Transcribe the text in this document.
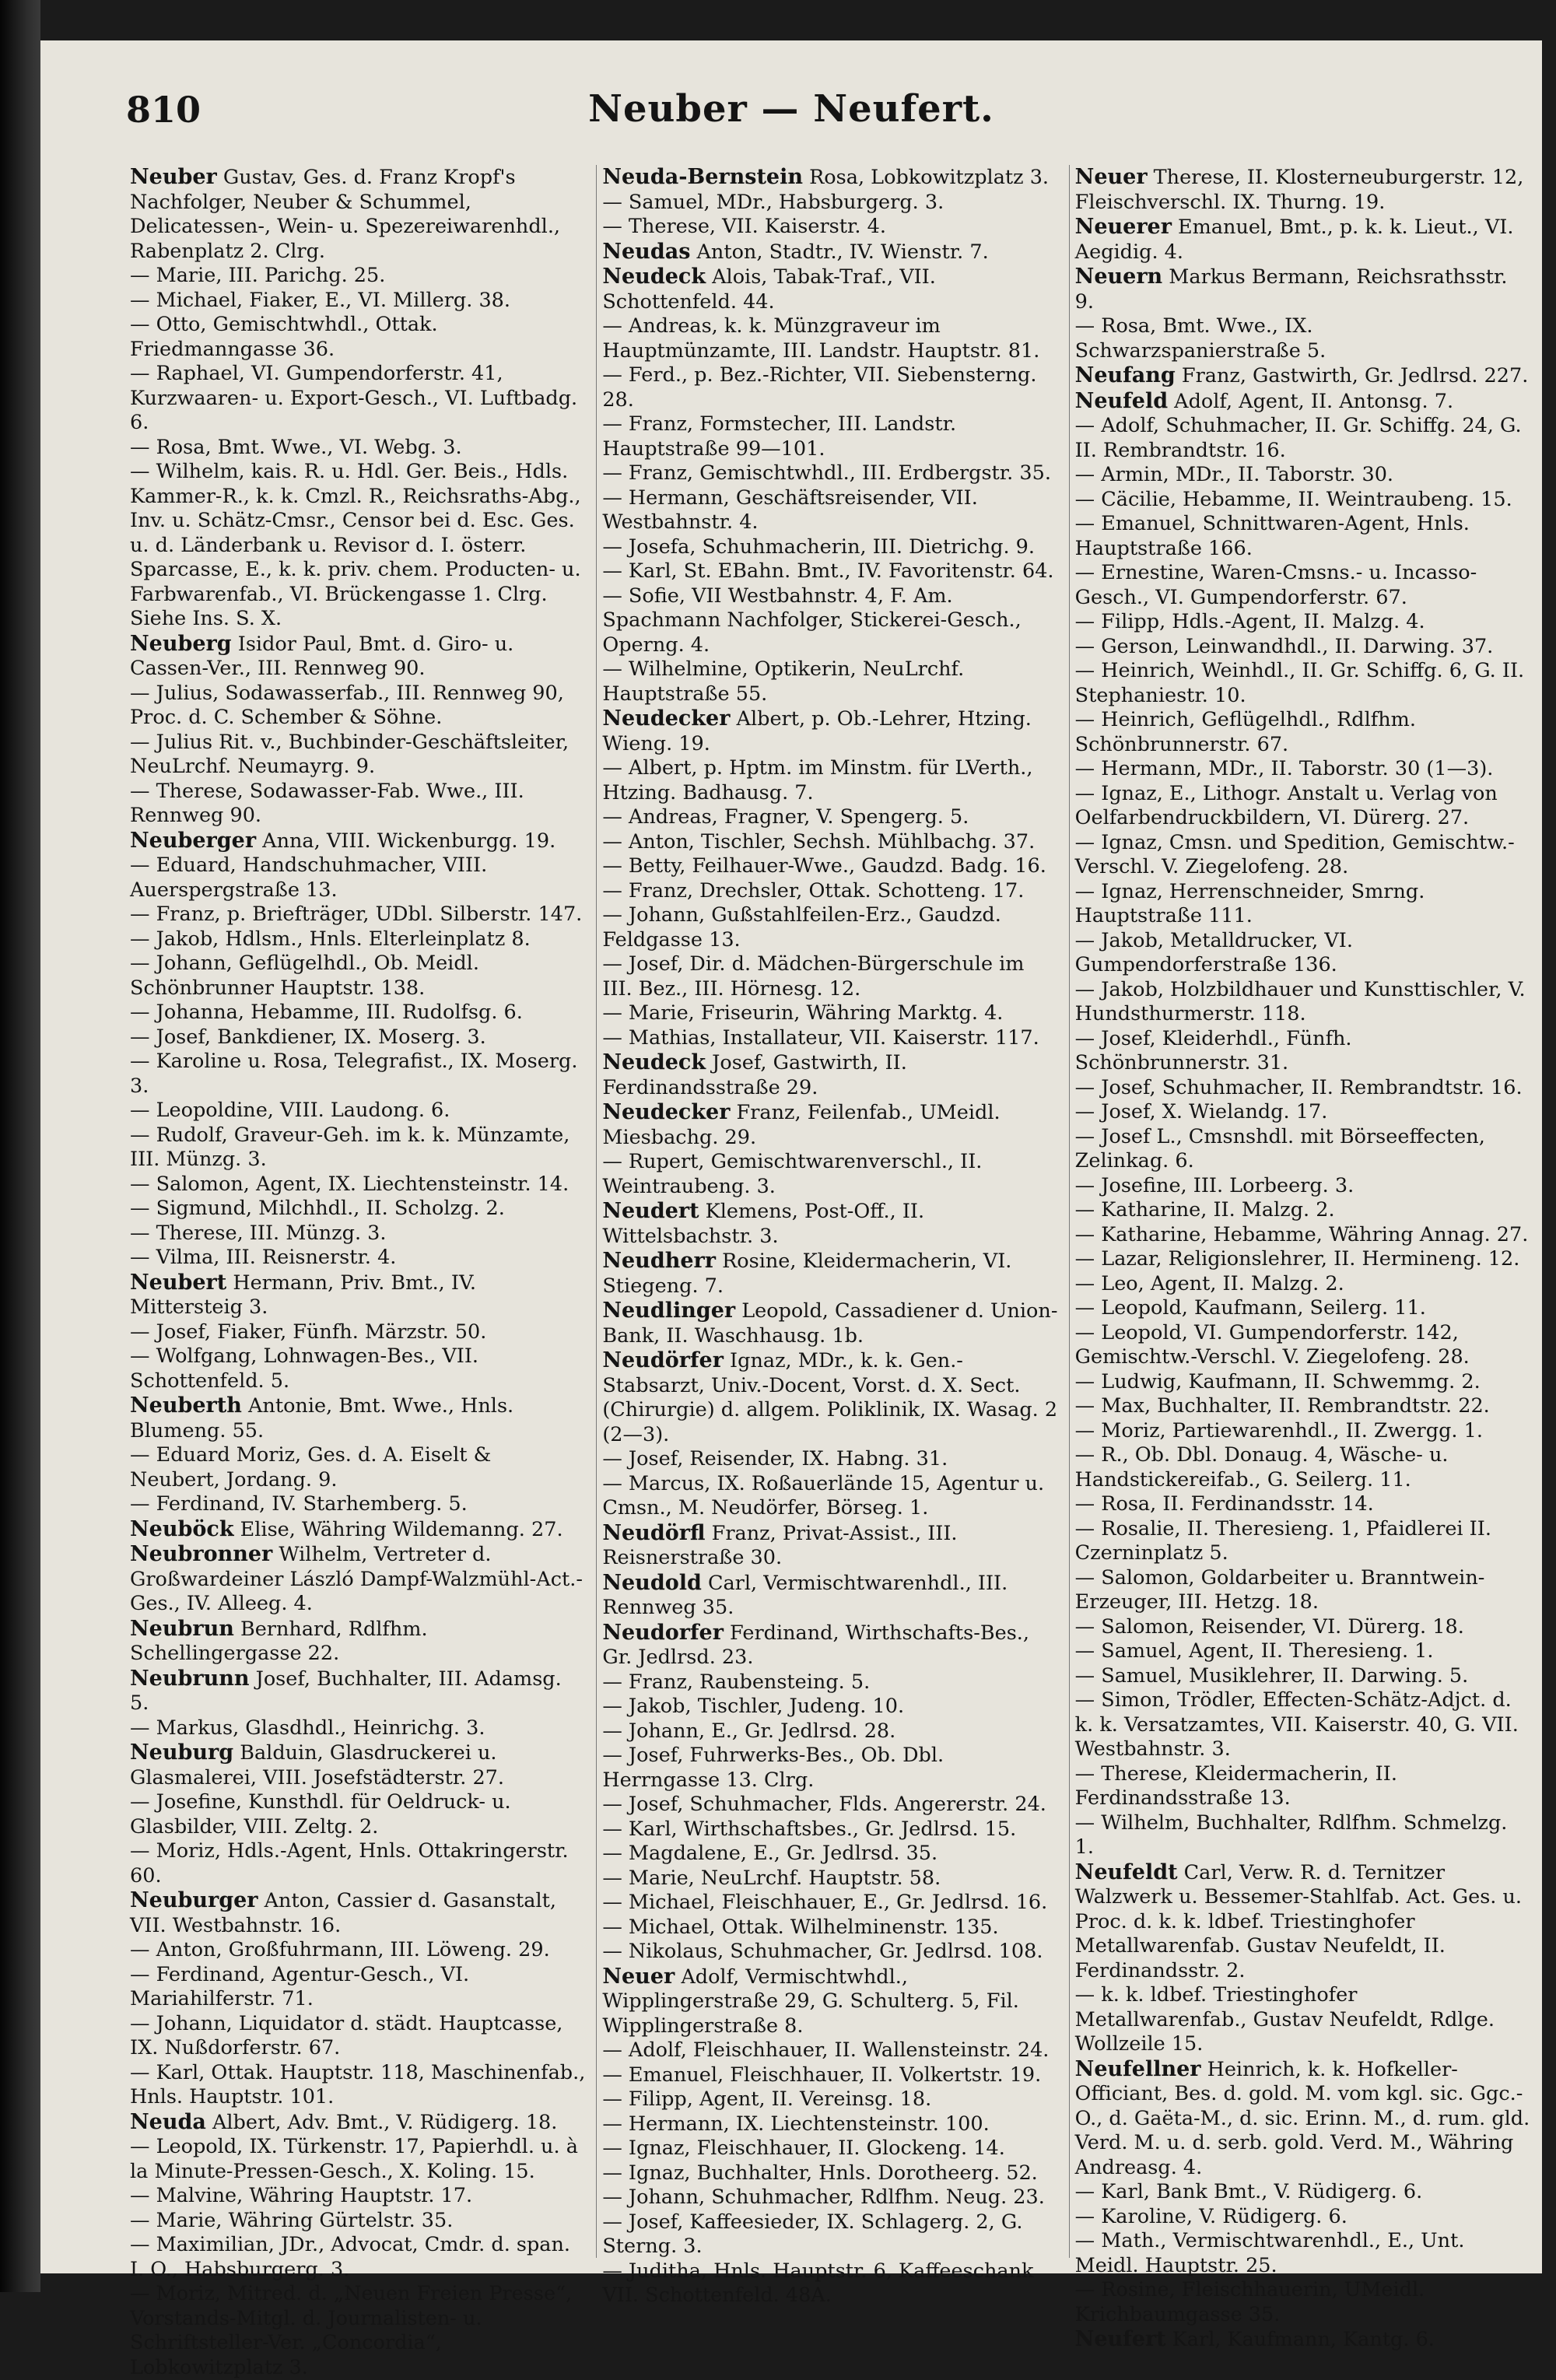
810	Neuber — Neufert.

Neuber Gustav, Ges. d. Franz Kropf's Nachfolger, Neuber & Schummel, Delicatessen-, Wein- u. Spezereiwarenhdl., Rabenplatz 2. Clrg.

— Marie, III. Parichg. 25.

— Michael, Fiaker, E., VI. Millerg. 38.

— Otto, Gemischtwhdl., Ottak. Friedmanngasse 36.

— Raphael, VI. Gumpendorferstr. 41, Kurzwaaren- u. Export-Gesch., VI. Luftbadg. 6.

— Rosa, Bmt. Wwe., VI. Webg. 3.

— Wilhelm, kais. R. u. Hdl. Ger. Beis., Hdls. Kammer-R., k. k. Cmzl. R., Reichsraths-Abg., Inv. u. Schätz-Cmsr., Censor bei d. Esc. Ges. u. d. Länderbank u. Revisor d. I. österr. Sparcasse, E., k. k. priv. chem. Producten- u. Farbwarenfab., VI. Brückengasse 1. Clrg. Siehe Ins. S. X.

Neuberg Isidor Paul, Bmt. d. Giro- u. Cassen-Ver., III. Rennweg 90.

— Julius, Sodawasserfab., III. Rennweg 90, Proc. d. C. Schember & Söhne.

— Julius Rit. v., Buchbinder-Geschäftsleiter, NeuLrchf. Neumayrg. 9.

— Therese, Sodawasser-Fab. Wwe., III. Rennweg 90.

Neuberger Anna, VIII. Wickenburgg. 19.

— Eduard, Handschuhmacher, VIII. Auerspergstraße 13.

— Franz, p. Briefträger, UDbl. Silberstr. 147.

— Jakob, Hdlsm., Hnls. Elterleinplatz 8.

— Johann, Geflügelhdl., Ob. Meidl. Schönbrunner Hauptstr. 138.

— Johanna, Hebamme, III. Rudolfsg. 6.

— Josef, Bankdiener, IX. Moserg. 3.

— Karoline u. Rosa, Telegrafist., IX. Moserg. 3.

— Leopoldine, VIII. Laudong. 6.

— Rudolf, Graveur-Geh. im k. k. Münzamte, III. Münzg. 3.

— Salomon, Agent, IX. Liechtensteinstr. 14.

— Sigmund, Milchhdl., II. Scholzg. 2.

— Therese, III. Münzg. 3.

— Vilma, III. Reisnerstr. 4.

Neubert Hermann, Priv. Bmt., IV. Mittersteig 3.

— Josef, Fiaker, Fünfh. Märzstr. 50.

— Wolfgang, Lohnwagen-Bes., VII. Schottenfeld. 5.

Neuberth Antonie, Bmt. Wwe., Hnls. Blumeng. 55.

— Eduard Moriz, Ges. d. A. Eiselt & Neubert, Jordang. 9.

— Ferdinand, IV. Starhemberg. 5.

Neuböck Elise, Währing Wildemanng. 27.

Neubronner Wilhelm, Vertreter d. Großwardeiner László Dampf-Walzmühl-Act.-Ges., IV. Alleeg. 4.

Neubrun Bernhard, Rdlfhm. Schellingergasse 22.

Neubrunn Josef, Buchhalter, III. Adamsg. 5.

— Markus, Glasdhdl., Heinrichg. 3.

Neuburg Balduin, Glasdruckerei u. Glasmalerei, VIII. Josefstädterstr. 27.

— Josefine, Kunsthdl. für Oeldruck- u. Glasbilder, VIII. Zeltg. 2.

— Moriz, Hdls.-Agent, Hnls. Ottakringerstr. 60.

Neuburger Anton, Cassier d. Gasanstalt, VII. Westbahnstr. 16.

— Anton, Großfuhrmann, III. Löweng. 29.

— Ferdinand, Agentur-Gesch., VI. Mariahilferstr. 71.

— Johann, Liquidator d. städt. Hauptcasse, IX. Nußdorferstr. 67.

— Karl, Ottak. Hauptstr. 118, Maschinenfab., Hnls. Hauptstr. 101.

Neuda Albert, Adv. Bmt., V. Rüdigerg. 18.

— Leopold, IX. Türkenstr. 17, Papierhdl. u. à la Minute-Pressen-Gesch., X. Koling. 15.

— Malvine, Währing Hauptstr. 17.

— Marie, Währing Gürtelstr. 35.

— Maximilian, JDr., Advocat, Cmdr. d. span. I. O., Habsburgerg. 3.

— Moriz, Mitred. d. „Neuen Freien Presse“, Vorstands-Mitgl. d. Journalisten- u. Schriftsteller-Ver. „Concordia“, Lobkowitzplatz 3.

Neuda-Bernstein Rosa, Lobkowitzplatz 3.

— Samuel, MDr., Habsburgerg. 3.

— Therese, VII. Kaiserstr. 4.

Neudas Anton, Stadtr., IV. Wienstr. 7.

Neudeck Alois, Tabak-Traf., VII. Schottenfeld. 44.

— Andreas, k. k. Münzgraveur im Hauptmünzamte, III. Landstr. Hauptstr. 81.

— Ferd., p. Bez.-Richter, VII. Siebensterng. 28.

— Franz, Formstecher, III. Landstr. Hauptstraße 99—101.

— Franz, Gemischtwhdl., III. Erdbergstr. 35.

— Hermann, Geschäftsreisender, VII. Westbahnstr. 4.

— Josefa, Schuhmacherin, III. Dietrichg. 9.

— Karl, St. EBahn. Bmt., IV. Favoritenstr. 64.

— Sofie, VII Westbahnstr. 4, F. Am. Spachmann Nachfolger, Stickerei-Gesch., Operng. 4.

— Wilhelmine, Optikerin, NeuLrchf. Hauptstraße 55.

Neudecker Albert, p. Ob.-Lehrer, Htzing. Wieng. 19.

— Albert, p. Hptm. im Minstm. für LVerth., Htzing. Badhausg. 7.

— Andreas, Fragner, V. Spengerg. 5.

— Anton, Tischler, Sechsh. Mühlbachg. 37.

— Betty, Feilhauer-Wwe., Gaudzd. Badg. 16.

— Franz, Drechsler, Ottak. Schotteng. 17.

— Johann, Gußstahlfeilen-Erz., Gaudzd. Feldgasse 13.

— Josef, Dir. d. Mädchen-Bürgerschule im III. Bez., III. Hörnesg. 12.

— Marie, Friseurin, Währing Marktg. 4.

— Mathias, Installateur, VII. Kaiserstr. 117.

Neudeck Josef, Gastwirth, II. Ferdinandsstraße 29.

Neudecker Franz, Feilenfab., UMeidl. Miesbachg. 29.

— Rupert, Gemischtwarenverschl., II. Weintraubeng. 3.

Neudert Klemens, Post-Off., II. Wittelsbachstr. 3.

Neudherr Rosine, Kleidermacherin, VI. Stiegeng. 7.

Neudlinger Leopold, Cassadiener d. Union-Bank, II. Waschhausg. 1b.

Neudörfer Ignaz, MDr., k. k. Gen.-Stabsarzt, Univ.-Docent, Vorst. d. X. Sect. (Chirurgie) d. allgem. Poliklinik, IX. Wasag. 2 (2—3).

— Josef, Reisender, IX. Habng. 31.

— Marcus, IX. Roßauerlände 15, Agentur u. Cmsn., M. Neudörfer, Börseg. 1.

Neudörfl Franz, Privat-Assist., III. Reisnerstraße 30.

Neudold Carl, Vermischtwarenhdl., III. Rennweg 35.

Neudorfer Ferdinand, Wirthschafts-Bes., Gr. Jedlrsd. 23.

— Franz, Raubensteing. 5.

— Jakob, Tischler, Judeng. 10.

— Johann, E., Gr. Jedlrsd. 28.

— Josef, Fuhrwerks-Bes., Ob. Dbl. Herrngasse 13. Clrg.

— Josef, Schuhmacher, Flds. Angererstr. 24.

— Karl, Wirthschaftsbes., Gr. Jedlrsd. 15.

— Magdalene, E., Gr. Jedlrsd. 35.

— Marie, NeuLrchf. Hauptstr. 58.

— Michael, Fleischhauer, E., Gr. Jedlrsd. 16.

— Michael, Ottak. Wilhelminenstr. 135.

— Nikolaus, Schuhmacher, Gr. Jedlrsd. 108.

Neuer Adolf, Vermischtwhdl., Wipplingerstraße 29, G. Schulterg. 5, Fil. Wipplingerstraße 8.

— Adolf, Fleischhauer, II. Wallensteinstr. 24.

— Emanuel, Fleischhauer, II. Volkertstr. 19.

— Filipp, Agent, II. Vereinsg. 18.

— Hermann, IX. Liechtensteinstr. 100.

— Ignaz, Fleischhauer, II. Glockeng. 14.

— Ignaz, Buchhalter, Hnls. Dorotheerg. 52.

— Johann, Schuhmacher, Rdlfhm. Neug. 23.

— Josef, Kaffeesieder, IX. Schlagerg. 2, G. Sterng. 3.

— Juditha, Hnls. Hauptstr. 6, Kaffeeschank VII. Schottenfeld. 48A.

Neuer Therese, II. Klosterneuburgerstr. 12, Fleischverschl. IX. Thurng. 19.

Neuerer Emanuel, Bmt., p. k. k. Lieut., VI. Aegidig. 4.

Neuern Markus Bermann, Reichsrathsstr. 9.

— Rosa, Bmt. Wwe., IX. Schwarzspanierstraße 5.

Neufang Franz, Gastwirth, Gr. Jedlrsd. 227.

Neufeld Adolf, Agent, II. Antonsg. 7.

— Adolf, Schuhmacher, II. Gr. Schiffg. 24, G. II. Rembrandtstr. 16.

— Armin, MDr., II. Taborstr. 30.

— Cäcilie, Hebamme, II. Weintraubeng. 15.

— Emanuel, Schnittwaren-Agent, Hnls. Hauptstraße 166.

— Ernestine, Waren-Cmsns.- u. Incasso-Gesch., VI. Gumpendorferstr. 67.

— Filipp, Hdls.-Agent, II. Malzg. 4.

— Gerson, Leinwandhdl., II. Darwing. 37.

— Heinrich, Weinhdl., II. Gr. Schiffg. 6, G. II. Stephaniestr. 10.

— Heinrich, Geflügelhdl., Rdlfhm. Schönbrunnerstr. 67.

— Hermann, MDr., II. Taborstr. 30 (1—3).

— Ignaz, E., Lithogr. Anstalt u. Verlag von Oelfarbendruckbildern, VI. Dürerg. 27.

— Ignaz, Cmsn. und Spedition, Gemischtw.-Verschl. V. Ziegelofeng. 28.

— Ignaz, Herrenschneider, Smrng. Hauptstraße 111.

— Jakob, Metalldrucker, VI. Gumpendorferstraße 136.

— Jakob, Holzbildhauer und Kunsttischler, V. Hundsthurmerstr. 118.

— Josef, Kleiderhdl., Fünfh. Schönbrunnerstr. 31.

— Josef, Schuhmacher, II. Rembrandtstr. 16.

— Josef, X. Wielandg. 17.

— Josef L., Cmsnshdl. mit Börseeffecten, Zelinkag. 6.

— Josefine, III. Lorbeerg. 3.

— Katharine, II. Malzg. 2.

— Katharine, Hebamme, Währing Annag. 27.

— Lazar, Religionslehrer, II. Hermineng. 12.

— Leo, Agent, II. Malzg. 2.

— Leopold, Kaufmann, Seilerg. 11.

— Leopold, VI. Gumpendorferstr. 142, Gemischtw.-Verschl. V. Ziegelofeng. 28.

— Ludwig, Kaufmann, II. Schwemmg. 2.

— Max, Buchhalter, II. Rembrandtstr. 22.

— Moriz, Partiewarenhdl., II. Zwergg. 1.

— R., Ob. Dbl. Donaug. 4, Wäsche- u. Handstickereifab., G. Seilerg. 11.

— Rosa, II. Ferdinandsstr. 14.

— Rosalie, II. Theresieng. 1, Pfaidlerei II. Czerninplatz 5.

— Salomon, Goldarbeiter u. Branntwein-Erzeuger, III. Hetzg. 18.

— Salomon, Reisender, VI. Dürerg. 18.

— Samuel, Agent, II. Theresieng. 1.

— Samuel, Musiklehrer, II. Darwing. 5.

— Simon, Trödler, Effecten-Schätz-Adjct. d. k. k. Versatzamtes, VII. Kaiserstr. 40, G. VII. Westbahnstr. 3.

— Therese, Kleidermacherin, II. Ferdinandsstraße 13.

— Wilhelm, Buchhalter, Rdlfhm. Schmelzg. 1.

Neufeldt Carl, Verw. R. d. Ternitzer Walzwerk u. Bessemer-Stahlfab. Act. Ges. u. Proc. d. k. k. ldbef. Triestinghofer Metallwarenfab. Gustav Neufeldt, II. Ferdinandsstr. 2.

— k. k. ldbef. Triestinghofer Metallwarenfab., Gustav Neufeldt, Rdlge. Wollzeile 15.

Neufellner Heinrich, k. k. Hofkeller-Officiant, Bes. d. gold. M. vom kgl. sic. Ggc.-O., d. Gaëta-M., d. sic. Erinn. M., d. rum. gld. Verd. M. u. d. serb. gold. Verd. M., Währing Andreasg. 4.

— Karl, Bank Bmt., V. Rüdigerg. 6.

— Karoline, V. Rüdigerg. 6.

— Math., Vermischtwarenhdl., E., Unt. Meidl. Hauptstr. 25.

— Rosine, Fleischhauerin, UMeidl. Krichbaumgasse 35.

Neufert Karl, Kaufmann, Kantg. 6.
